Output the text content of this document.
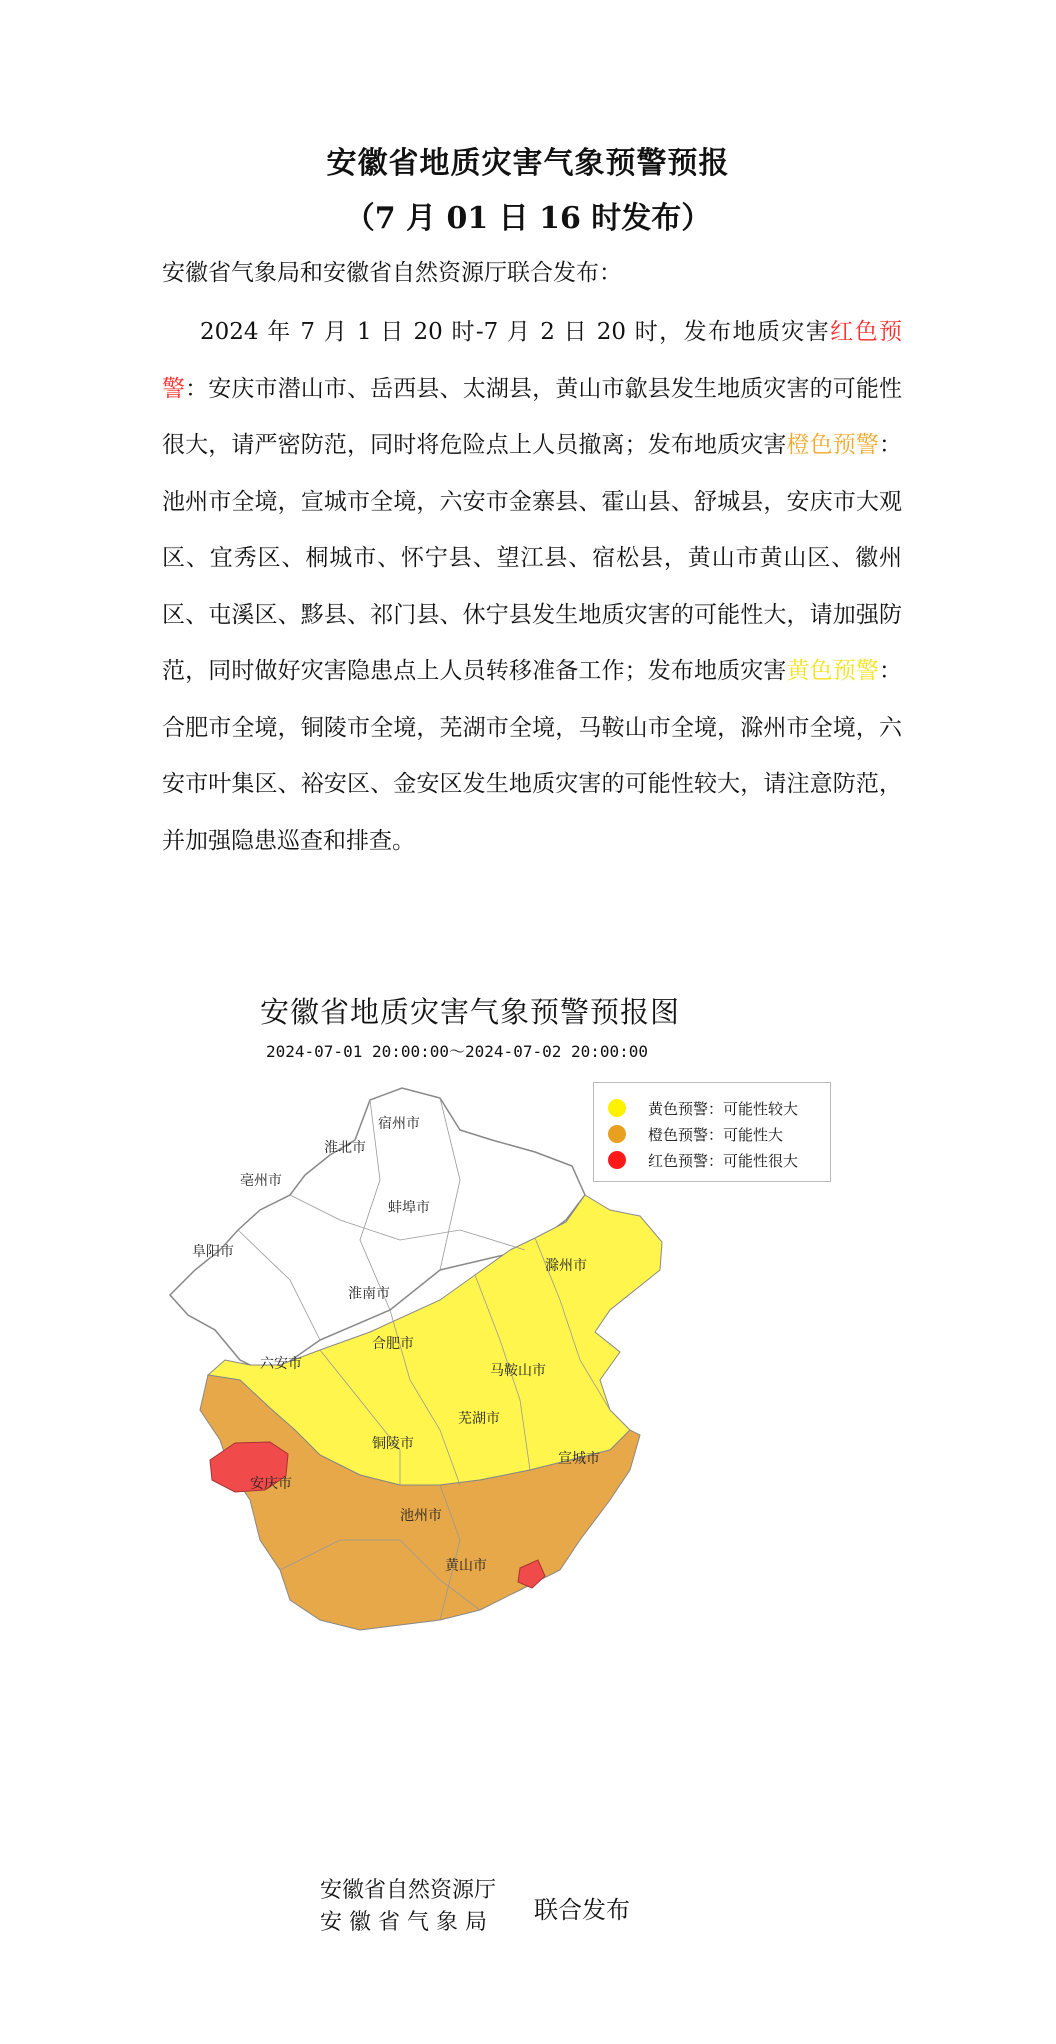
安徽省地质灾害气象预警预报
（7 月 01 日 16 时发布）
安徽省气象局和安徽省自然资源厅联合发布：
2024 年 7 月 1 日 20 时-7 月 2 日 20 时，发布地质灾害红色预警：安庆市潜山市、岳西县、太湖县，黄山市歙县发生地质灾害的可能性很大，请严密防范，同时将危险点上人员撤离；发布地质灾害橙色预警：池州市全境，宣城市全境，六安市金寨县、霍山县、舒城县，安庆市大观区、宜秀区、桐城市、怀宁县、望江县、宿松县，黄山市黄山区、徽州区、屯溪区、黟县、祁门县、休宁县发生地质灾害的可能性大，请加强防范，同时做好灾害隐患点上人员转移准备工作；发布地质灾害黄色预警：合肥市全境，铜陵市全境，芜湖市全境，马鞍山市全境，滁州市全境，六安市叶集区、裕安区、金安区发生地质灾害的可能性较大，请注意防范，并加强隐患巡查和排查。
宿州市
淮北市
亳州市
阜阳市
蚌埠市
淮南市
滁州市
合肥市
六安市	马鞍山市
芜湖市
铜陵市
宣城市
安庆市
池州市
黄山市
安徽省地质灾害气象预警预报图
2024-07-01 20:00:00～2024-07-02 20:00:00
黄色预警：可能性较大
橙色预警：可能性大
红色预警：可能性很大
安徽省自然资源厅
安 徽 省 气 象 局	联合发布
